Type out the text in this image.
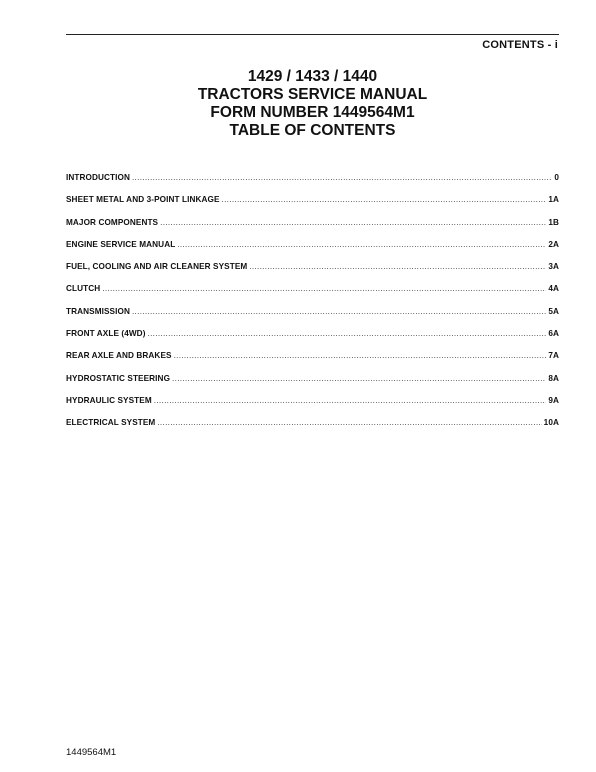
CONTENTS - i
1429 / 1433 / 1440
TRACTORS SERVICE MANUAL
FORM NUMBER 1449564M1
TABLE OF CONTENTS
INTRODUCTION .....	0
SHEET METAL AND 3-POINT LINKAGE .....	1A
MAJOR COMPONENTS .....	1B
ENGINE SERVICE MANUAL .....	2A
FUEL, COOLING AND AIR CLEANER SYSTEM .....	3A
CLUTCH .....	4A
TRANSMISSION .....	5A
FRONT AXLE (4WD) .....	6A
REAR AXLE AND BRAKES .....	7A
HYDROSTATIC STEERING .....	8A
HYDRAULIC SYSTEM .....	9A
ELECTRICAL SYSTEM .....	10A
1449564M1
